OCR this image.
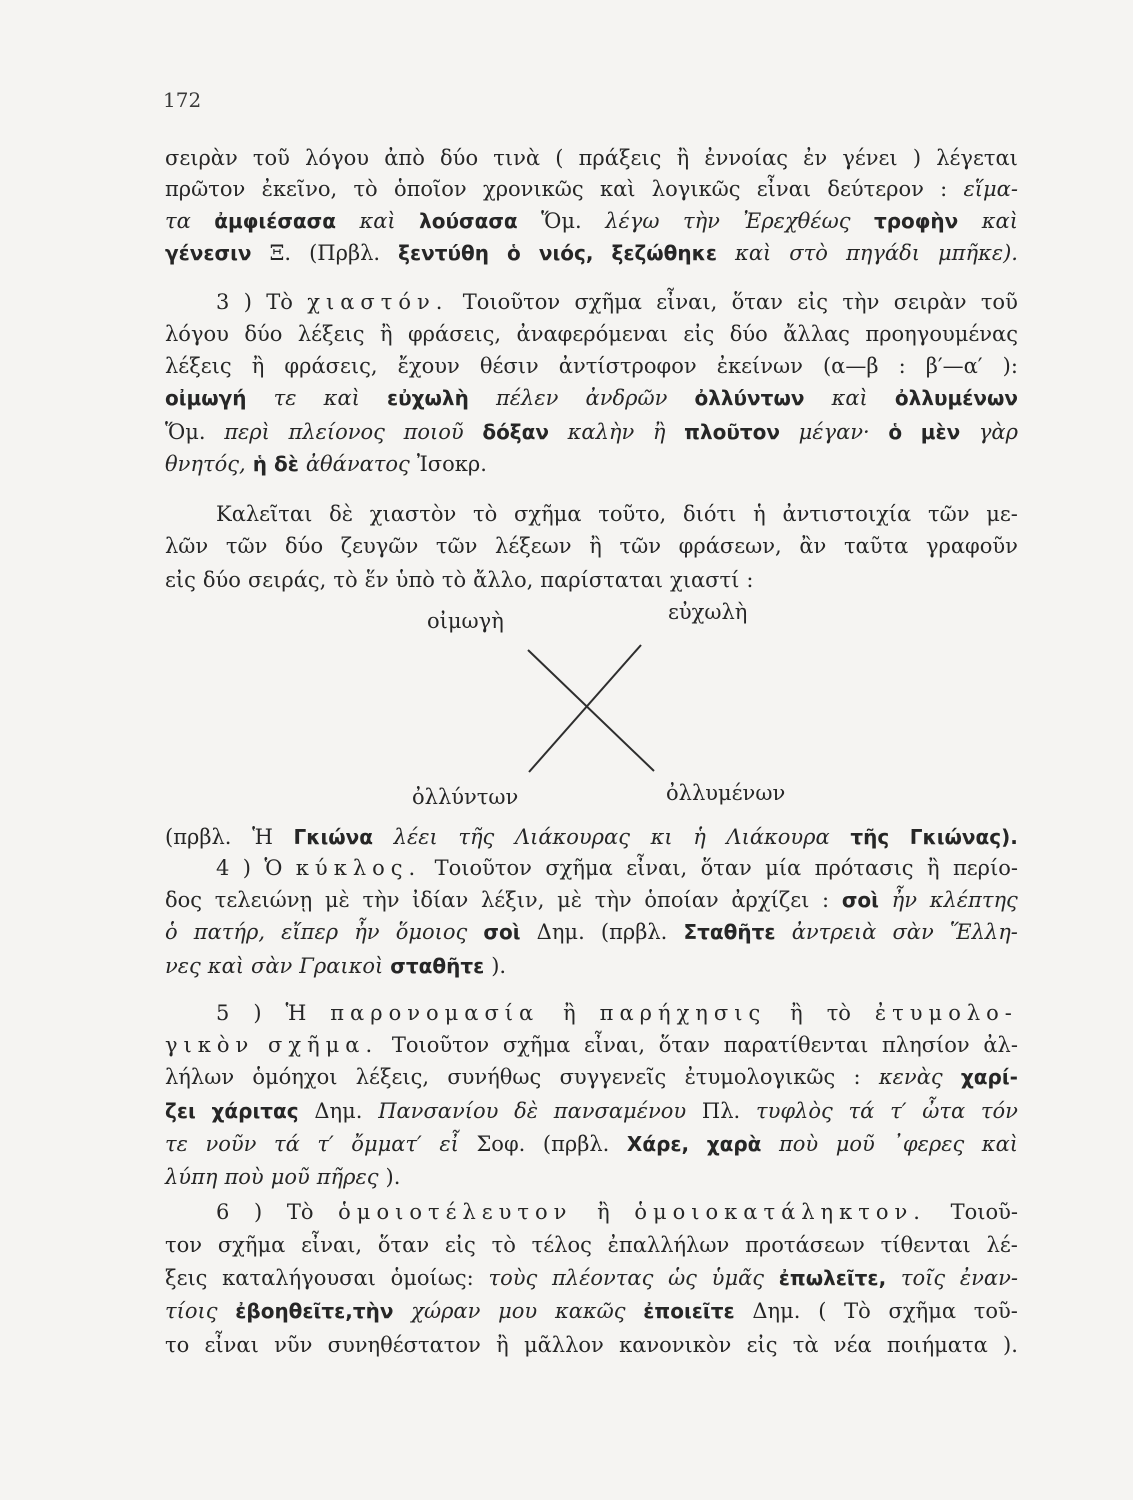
172
σειρὰν τοῦ λόγου ἀπὸ δύο τινὰ ( πράξεις ἢ ἐννοίας ἐν γένει ) λέγεται
πρῶτον ἐκεῖνο, τὸ ὁποῖον χρονικῶς καὶ λογικῶς εἶναι δεύτερον : εἵμα-
τα ἀμφιέσασα καὶ λούσασα Ὅμ. λέγω τὴν Ἐρεχθέως τροφὴν καὶ
γένεσιν Ξ. (Πρβλ. ξεντύθη ὁ νιός, ξεζώθηκε καὶ στὸ πηγάδι μπῆκε).
3 ) Τὸ χιαστόν. Τοιοῦτον σχῆμα εἶναι, ὅταν εἰς τὴν σειρὰν τοῦ
λόγου δύο λέξεις ἢ φράσεις, ἀναφερόμεναι εἰς δύο ἄλλας προηγουμένας
λέξεις ἢ φράσεις, ἔχουν θέσιν ἀντίστροφον ἐκείνων (α—β : β′—α′ ):
οἰμωγή τε καὶ εὐχωλὴ πέλεν ἀνδρῶν ὀλλύντων καὶ ὀλλυμένων
Ὅμ. περὶ πλείονος ποιοῦ δόξαν καλὴν ἢ πλοῦτον μέγαν· ὁ μὲν γὰρ
θνητός, ἡ δὲ ἀθάνατος Ἰσοκρ.
Καλεῖται δὲ χιαστὸν τὸ σχῆμα τοῦτο, διότι ἡ ἀντιστοιχία τῶν με-
λῶν τῶν δύο ζευγῶν τῶν λέξεων ἢ τῶν φράσεων, ἂν ταῦτα γραφοῦν
εἰς δύο σειράς, τὸ ἕν ὑπὸ τὸ ἄλλο, παρίσταται χιαστί :
(πρβλ. Ἡ Γκιώνα λέει τῆς Λιάκουρας κι ἡ Λιάκουρα τῆς Γκιώνας).
4 ) Ὁ κύκλος. Τοιοῦτον σχῆμα εἶναι, ὅταν μία πρότασις ἢ περίο-
δος τελειώνῃ μὲ τὴν ἰδίαν λέξιν, μὲ τὴν ὁποίαν ἀρχίζει : σοὶ ἦν κλέπτης
ὁ πατήρ, εἴπερ ἦν ὅμοιος σοὶ Δημ. (πρβλ. Σταθῆτε ἀντρειὰ σὰν Ἕλλη-
νες καὶ σὰν Γραικοὶ σταθῆτε ).
5 ) Ἡ παρονομασία ἢ παρήχησις ἢ τὸ ἐτυμολο-
γικὸν σχῆμα. Τοιοῦτον σχῆμα εἶναι, ὅταν παρατίθενται πλησίον ἀλ-
λήλων ὁμόηχοι λέξεις, συνήθως συγγενεῖς ἐτυμολογικῶς : κενὰς χαρί-
ζει χάριτας Δημ. Πανσανίου δὲ πανσαμένου Πλ. τυφλὸς τά τ′ ὦτα τόν
τε νοῦν τά τ′ ὄμματ′ εἶ Σοφ. (πρβλ. Χάρε, χαρὰ ποὺ μοῦ ᾽φερες καὶ
λύπη ποὺ μοῦ πῆρες ).
6 ) Τὸ ὁμοιοτέλευτον ἢ ὁμοιοκατάληκτον. Τοιοῦ-
τον σχῆμα εἶναι, ὅταν εἰς τὸ τέλος ἐπαλλήλων προτάσεων τίθενται λέ-
ξεις καταλήγουσαι ὁμοίως: τοὺς πλέοντας ὡς ὑμᾶς ἐπωλεῖτε, τοῖς ἐναν-
τίοις ἐβοηθεῖτε,τὴν χώραν μου κακῶς ἐποιεῖτε Δημ. ( Τὸ σχῆμα τοῦ-
το εἶναι νῦν συνηθέστατον ἢ μᾶλλον κανονικὸν εἰς τὰ νέα ποιήματα ).
οἰμωγὴ	εὐχωλὴ
ὀλλύντων	ὀλλυμένων
